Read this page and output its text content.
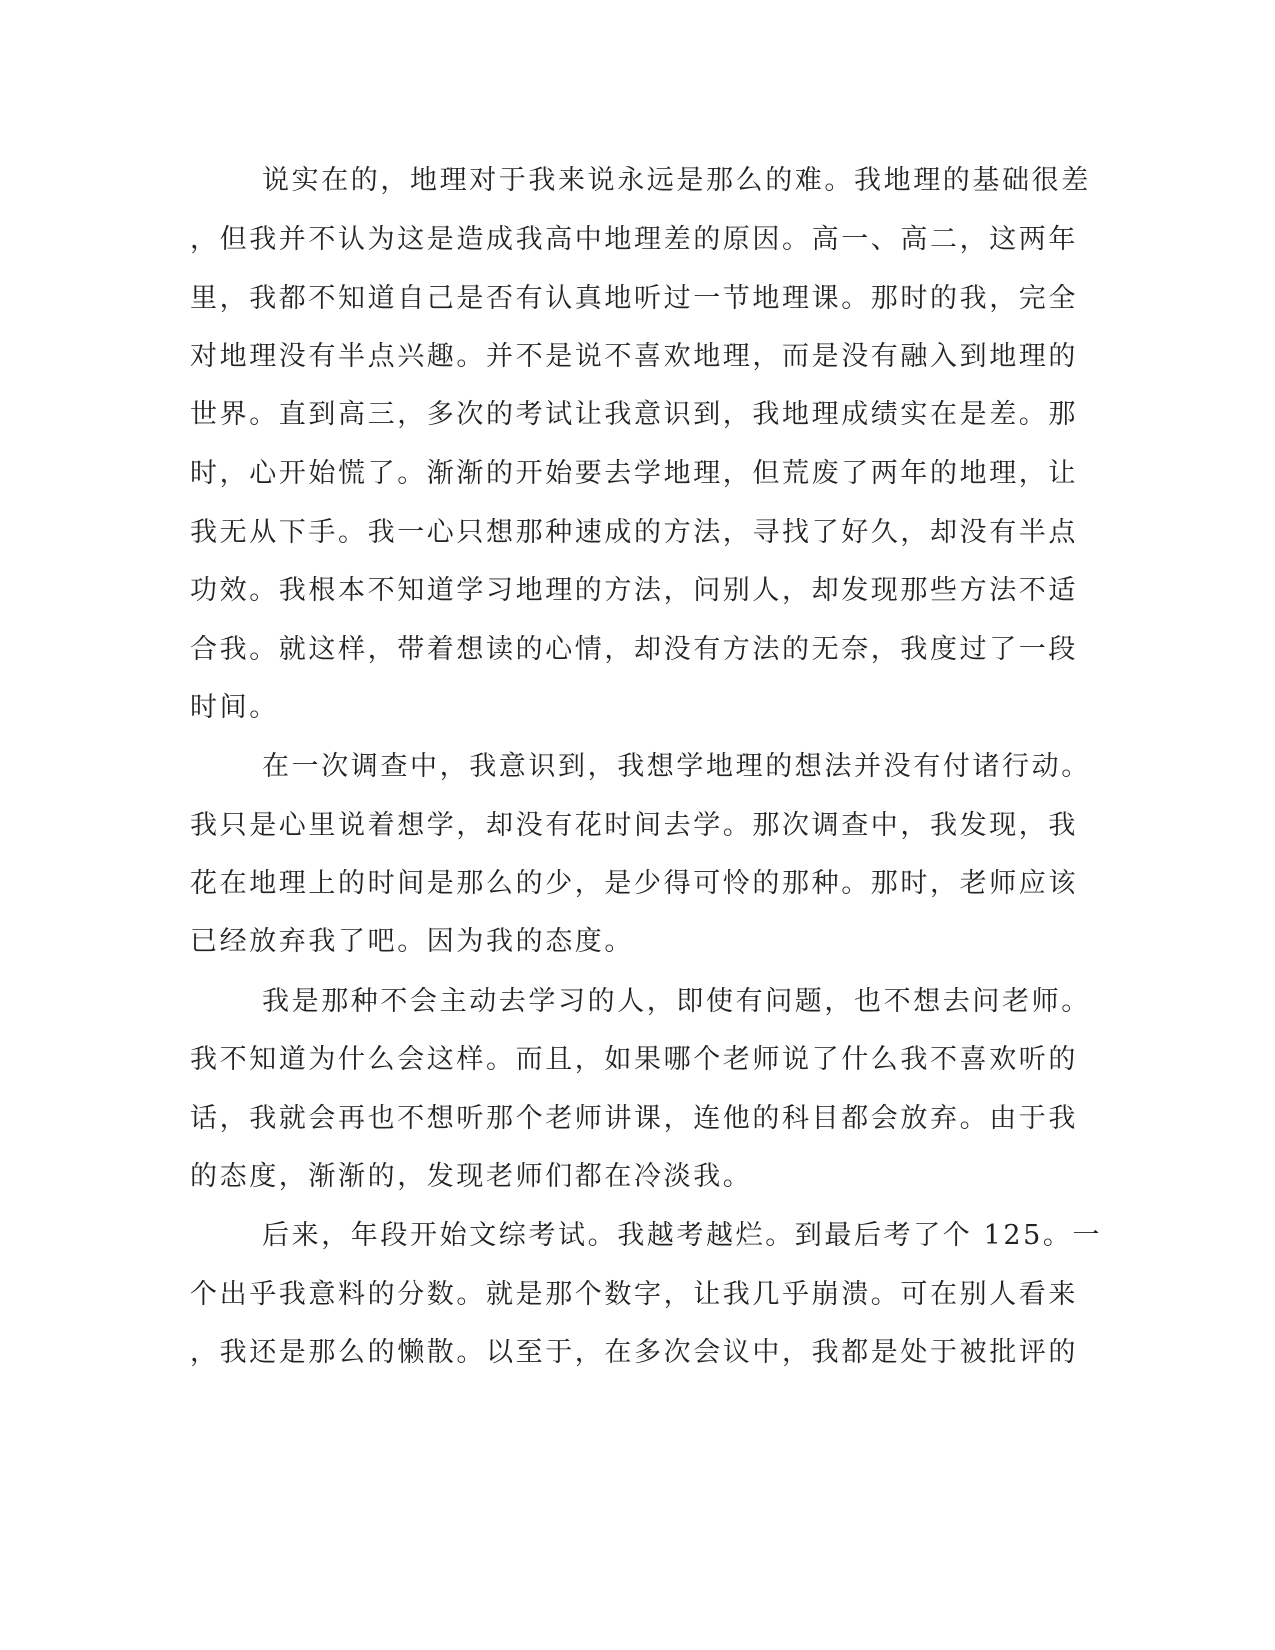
说实在的，地理对于我来说永远是那么的难。我地理的基础很差
，但我并不认为这是造成我高中地理差的原因。高一、高二，这两年
里，我都不知道自己是否有认真地听过一节地理课。那时的我，完全
对地理没有半点兴趣。并不是说不喜欢地理，而是没有融入到地理的
世界。直到高三，多次的考试让我意识到，我地理成绩实在是差。那
时，心开始慌了。渐渐的开始要去学地理，但荒废了两年的地理，让
我无从下手。我一心只想那种速成的方法，寻找了好久，却没有半点
功效。我根本不知道学习地理的方法，问别人，却发现那些方法不适
合我。就这样，带着想读的心情，却没有方法的无奈，我度过了一段
时间。
在一次调查中，我意识到，我想学地理的想法并没有付诸行动。
我只是心里说着想学，却没有花时间去学。那次调查中，我发现，我
花在地理上的时间是那么的少，是少得可怜的那种。那时，老师应该
已经放弃我了吧。因为我的态度。
我是那种不会主动去学习的人，即使有问题，也不想去问老师。
我不知道为什么会这样。而且，如果哪个老师说了什么我不喜欢听的
话，我就会再也不想听那个老师讲课，连他的科目都会放弃。由于我
的态度，渐渐的，发现老师们都在冷淡我。
后来，年段开始文综考试。我越考越烂。到最后考了个 125。一
个出乎我意料的分数。就是那个数字，让我几乎崩溃。可在别人看来
，我还是那么的懒散。以至于，在多次会议中，我都是处于被批评的
